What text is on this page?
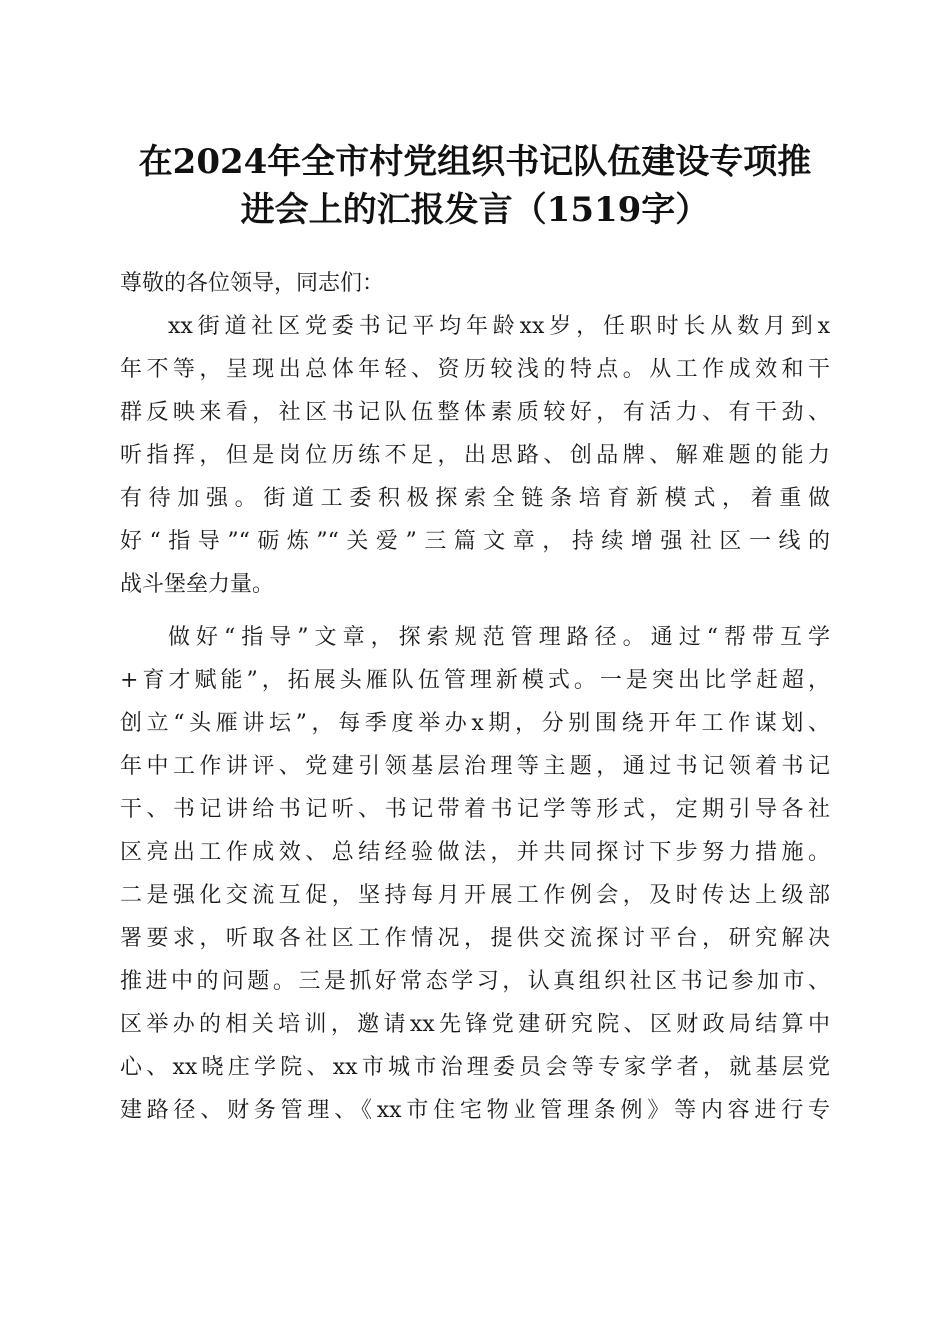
在2024年全市村党组织书记队伍建设专项推
进会上的汇报发言（1519字）
尊敬的各位领导，同志们：
xx街道社区党委书记平均年龄xx岁，任职时长从数月到x
年不等，呈现出总体年轻、资历较浅的特点。从工作成效和干
群反映来看，社区书记队伍整体素质较好，有活力、有干劲、
听指挥，但是岗位历练不足，出思路、创品牌、解难题的能力
有待加强。街道工委积极探索全链条培育新模式，着重做
好“指导”“砺炼”“关爱”三篇文章，持续增强社区一线的
战斗堡垒力量。
做好“指导”文章，探索规范管理路径。通过“帮带互学
+育才赋能”，拓展头雁队伍管理新模式。一是突出比学赶超，
创立“头雁讲坛”，每季度举办x期，分别围绕开年工作谋划、
年中工作讲评、党建引领基层治理等主题，通过书记领着书记
干、书记讲给书记听、书记带着书记学等形式，定期引导各社
区亮出工作成效、总结经验做法，并共同探讨下步努力措施。
二是强化交流互促，坚持每月开展工作例会，及时传达上级部
署要求，听取各社区工作情况，提供交流探讨平台，研究解决
推进中的问题。三是抓好常态学习，认真组织社区书记参加市、
区举办的相关培训，邀请xx先锋党建研究院、区财政局结算中
心、xx晓庄学院、xx市城市治理委员会等专家学者，就基层党
建路径、财务管理、《xx市住宅物业管理条例》等内容进行专
